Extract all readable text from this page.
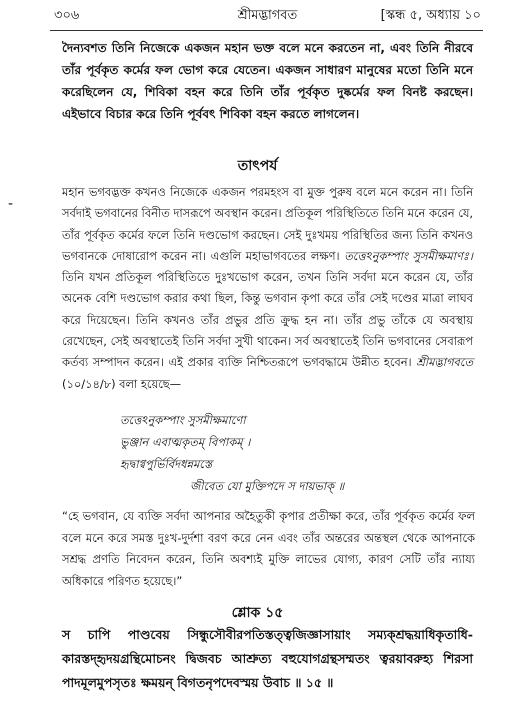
৩০৬	শ্রীমদ্ভাগবত	[স্কন্ধ ৫, অধ্যায় ১০
দৈন্যবশত তিনি নিজেকে একজন মহান ভক্ত বলে মনে করতেন না, এবং তিনি নীরবে তাঁর পূর্বকৃত কর্মের ফল ভোগ করে যেতেন। একজন সাধারণ মানুষের মতো তিনি মনে করেছিলেন যে, শিবিকা বহন করে তিনি তাঁর পূর্বকৃত দুষ্কর্মের ফল বিনষ্ট করছেন। এইভাবে বিচার করে তিনি পূর্ববৎ শিবিকা বহন করতে লাগলেন।
তাৎপর্য
-
মহান ভগবদ্ভক্ত কখনও নিজেকে একজন পরমহংস বা মুক্ত পুরুষ বলে মনে করেন না। তিনি সর্বদাই ভগবানের বিনীত দাসরূপে অবস্থান করেন। প্রতিকূল পরিস্থিতিতে তিনি মনে করেন যে, তাঁর পূর্বকৃত কর্মের ফলে তিনি দণ্ডভোগ করছেন। সেই দুঃখময় পরিস্থিতির জন্য তিনি কখনও ভগবানকে দোষারোপ করেন না। এগুলি মহাভাগবতের লক্ষণ। তত্তেঽনুকম্পাং সুসমীক্ষমাণঃ। তিনি যখন প্রতিকূল পরিস্থিতিতে দুঃখভোগ করেন, তখন তিনি সর্বদা মনে করেন যে, তাঁর অনেক বেশি দণ্ডভোগ করার কথা ছিল, কিন্তু ভগবান কৃপা করে তাঁর সেই দণ্ডের মাত্রা লাঘব করে দিয়েছেন। তিনি কখনও তাঁর প্রভুর প্রতি ক্রুদ্ধ হন না। তাঁর প্রভু তাঁকে যে অবস্থায় রেখেছেন, সেই অবস্থাতেই তিনি সর্বদা সুখী থাকেন। সর্ব অবস্থাতেই তিনি ভগবানের সেবারূপ কর্তব্য সম্পাদন করেন। এই প্রকার ব্যক্তি নিশ্চিতরূপে ভগবদ্ধামে উন্নীত হবেন। শ্রীমদ্ভাগবতে (১০/১৪/৮) বলা হয়েছে—
তত্তেঽনুকম্পাং সুসমীক্ষমাণো
ভুঞ্জান এবাত্মকৃতম্ বিপাকম্ ।
হৃদ্বাগ্বপুর্ভির্বিদধন্নমস্তে
জীবেত যো মুক্তিপদে স দায়ভাক্ ॥
“হে ভগবান, যে ব্যক্তি সর্বদা আপনার অহৈতুকী কৃপার প্রতীক্ষা করে, তাঁর পূর্বকৃত কর্মের ফল বলে মনে করে সমস্ত দুঃখ-দুর্দশা বরণ করে নেন এবং তাঁর অন্তরের অন্তস্থল থেকে আপনাকে সশ্রদ্ধ প্রণতি নিবেদন করেন, তিনি অবশ্যই মুক্তি লাভের যোগ্য, কারণ সেটি তাঁর ন্যায্য অধিকারে পরিণত হয়েছে।”
শ্লোক ১৫
স চাপি পাণ্ডবেয় সিন্ধুসৌবীরপতিস্তত্ত্বজিজ্ঞাসায়াং সম্যক্‌শ্রদ্ধয়াধিকৃতাধি-কারস্তদ্‌হৃদয়গ্রন্থিমোচনং দ্বিজবচ আশ্রুত্য বহুযোগগ্রন্থসম্মতং ত্বরয়াবরুহ্য শিরসা পাদমূলমুপসৃতঃ ক্ষময়ন্ বিগতনৃপদেবস্ময় উবাচ ॥ ১৫ ॥
